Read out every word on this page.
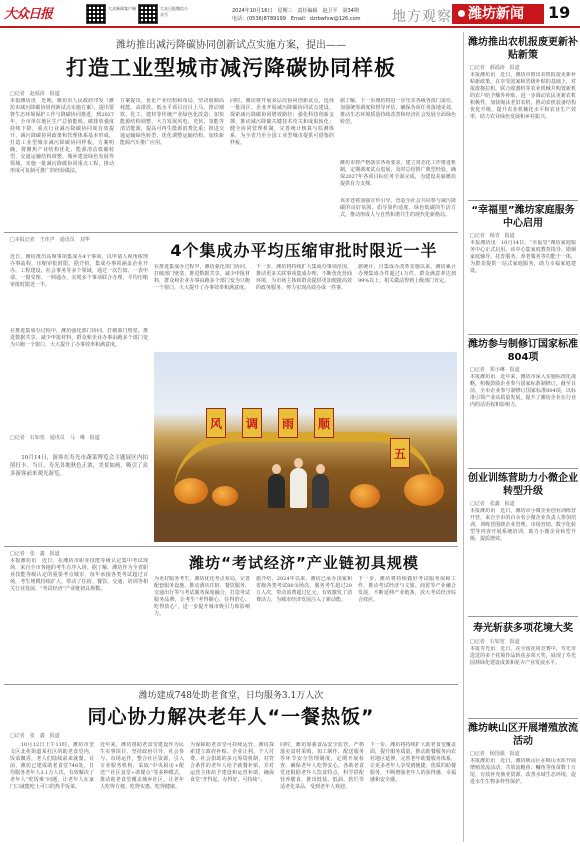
大众日报	大众新闻客户端	大众日报微信公众号
2024年10月16日　星期三　责任编辑　赵卫平　第34期
电话：(0536)8789199　Email：dzrbwfxw@126.com 地方观察	潍坊新闻	19
潍坊推出减污降碳协同创新试点实施方案，提出——
打造工业型城市减污降碳协同样板
□记者　赵福涛　报道
本报潍坊讯　近期，潍坊市人民政府印发《潍坊市减污降碳协同创新试点实施方案》，提出要将生态环境保护工作与降碳协同推进，到2027年，全市单位地区生产总值能耗、碳排放强度持续下降，重点行业减污降碳协同度有效提升，减污降碳协同政策和管理体系基本形成，打造工业型城市减污降碳协同样板。方案明确，将聚焦产业结构优化、能源清洁低碳转型、交通运输结构调整、城乡建设绿色发展等领域，实施一批减污降碳协同重点工程，推动形成可复制可推广的经验做法。
方案提出，优化产业结构和布局，坚决遏制高耗能、高排放、低水平项目盲目上马，推动钢铁、化工、建材等传统产业绿色化改造；加快能源结构调整，大力发展风电、光伏、氢能等清洁能源，提高可再生能源消费比重；推进交通运输绿色转型，优化调整运输结构，加快新能源汽车推广应用。
同时，潍坊将开展多层次协同创新试点，选择一批园区、企业开展减污降碳协同试点建设，探索减污降碳协同增效路径；强化科技创新支撑，推动减污降碳关键技术攻关和成果转化；健全协同管理机制，完善统计核算与监测体系，为全省乃至全国工业型城市提供可借鉴的样板。
据了解，下一步潍坊将进一步压实各级各部门责任，加强统筹调度和督导评估，确保各项任务落地见效，推动生态环境质量持续改善和经济社会发展全面绿色转型。
潍坊市将严格落实各项要求，建立常态化工作推进机制，定期调度试点进展，及时总结推广典型经验，确保2027年各项目标任务全面完成，为建设美丽潍坊提供有力支撑。
该市还将加强宣传引导，营造全社会共同参与减污降碳的良好氛围，倡导简约适度、绿色低碳的生活方式，推动形成人与自然和谐共生的现代化新格局。
□本报记者　王佳声　通讯员　刘华
近日，潍坊推出高频事项集成办4个事项，以申请人视角梳理办事流程，压缩审批时限。据介绍，集成办事项涵盖企业开办、工程建设、社会事务等多个领域，通过一次告知、一表申请、一窗受理、一网通办，实现多个事项联合办理，平均压缩审批时限近一半。
在推进集成办过程中，潍坊强化部门协同，打破部门壁垒，推进数据共享，减少申报材料，群众和企业办事由跑多个部门变为只跑一个窗口，大大提升了办事效率和满意度。
4个集成办平均压缩审批时限近一半
在推进集成办过程中，潍坊强化部门协同，打破部门壁垒，推进数据共享，减少申报材料，群众和企业办事由跑多个部门变为只跑一个窗口，大大提升了办事效率和满意度。
下一步，潍坊将持续扩大集成办事项范围，推动更多关联事项集成办理，不断优化营商环境，为市场主体和群众提供更加便捷高效的政务服务，努力实现高效办成一件事。
据统计，自集成办改革实施以来，潍坊累计办理集成办件超过1万件，群众满意率达到99%以上，相关做法得到上级部门肯定。
□记者　石如宽　通讯员　马　琳　报道
　　10月14日，游客在寿光市蔬菜博览会主题展区内拍照打卡。当日，寿光各地秋色正浓，美景如画，吸引了众多游客前来观光游览。
风	调	雨	顺
五
□记者　张　鑫　报道
本报潍坊讯　近日，在潍坊市职业技能等级认定集中考试现场，来自全市各地的考生有序入场。据了解，潍坊作为全省职业技能等级认定的重要考点城市，每年承接各类考试超过百场，考生规模持续扩大，带动了住宿、餐饮、交通、培训等相关行业发展，“考试经济”产业链初具规模。
潍坊“考试经济”产业链初具规模
为更好服务考生，潍坊优化考点布局，完善配套服务设施，推动酒店住宿、餐饮服务、交通出行等与考试服务深度融合，打造考试服务品牌，让考生“考得顺心、住得舒心、吃得放心”，进一步提升城市吸引力和影响力。
据介绍，2024年以来，潍坊已承办国家和省级各类考试80余场次，服务考生超过20万人次，带动消费超过亿元，有效激发了消费活力，为城市经济发展注入了新动能。
下一步，潍坊将持续做好考试服务保障工作，推动考试经济与文旅、商贸等产业融合发展，不断延伸产业链条，放大考试经济综合效应。
潍坊建成748处助老食堂，日均服务3.1万人次
同心协力解决老年人“一餐热饭”
□记者　张　鑫　报道
　　10月12日上午11时，潍坊市奎文区北苑街道某社区的助老食堂内，饭菜飘香，老人们陆续前来就餐。目前，潍坊已建成助老食堂748处，日均服务老年人3.1万人次，有效解决了老年人“吃饭难”问题，让老年人在家门口就能吃上可口的热乎饭菜。
近年来，潍坊将助老食堂建设作为民生实事项目，坚持政府引导、社会参与、市场运作，整合社区资源，引入专业服务机构，采取“中央厨房+配送”“社区食堂+助餐点”等多种模式，推动助老食堂覆盖城乡社区，让老年人吃得方便、吃得实惠、吃得健康。
为保障助老食堂可持续运营，潍坊探索建立政府补贴、企业让利、个人付费、社会捐助的多元筹资机制，对符合条件的老年人给予就餐补贴，并对运营主体给予建设和运营补助，确保食堂“开得起、办得好、可持续”。
同时，潍坊加强食品安全监管，严格落实食材采购、加工制作、配送服务等环节安全管理制度，定期开展检查，确保老年人吃得安心。各助老食堂还根据老年人饮食特点，科学搭配营养膳食，推出低盐、低油、软烂等适老化菜品，受到老年人欢迎。
下一步，潍坊将持续扩大助老食堂覆盖面，提升服务质量，推动助餐服务向农村地区延伸，完善老年助餐服务体系，让更多老年人享受到便捷、优质的助餐服务，不断增强老年人的获得感、幸福感和安全感。
潍坊推出农机报废更新补贴新策
□记者　郝福涛　报道
本报潍坊讯　近日，潍坊市推出农机报废更新补贴新政策，在享受国家和省级补贴的基础上，对报废拖拉机、联合收割机等农业机械并购置新机的农户给予额外补贴，进一步调动农民更新农机积极性，加快淘汰老旧农机，推动农机装备结构优化升级，提升农业机械化水平和农业生产效率，助力农业绿色发展和乡村振兴。
“幸福里”潍坊家庭服务中心启用
□记者　杨青　报道
本报潍坊讯　10月14日，“幸福里”潍坊家庭服务中心正式启用。该中心集家庭教育指导、婚姻家庭辅导、托育服务、养老服务等功能于一体，为群众提供一站式家庭服务，助力幸福家庭建设。
潍坊参与制修订国家标准804项
□记者　郑小琳　报道
本报潍坊讯　近年来，潍坊市深入实施标准化战略，积极鼓励企业参与国家标准制修订。截至目前，全市企业参与制修订国家标准804项，以标准引领产业高质量发展，提升了潍坊企业在行业内的话语权和影响力。
创业训练营助力小微企业转型升级
□记者　张鑫　报道
本报潍坊讯　近日，潍坊市小微企业创业训练营开营，来自全市的百余名小微企业负责人参加培训。训练营围绕企业管理、市场营销、数字化转型等内容开展系统培训，助力小微企业转型升级、提质增效。
寿光斩获多项花境大奖
□记者　石如宽　报道
本报寿光讯　近日，在全国花境竞赛中，寿光市选送的多个花境作品斩获多项大奖，展现了寿光园林绿化建设成果和花卉产业发展水平。
潍坊峡山区开展增殖放流活动
□记者　杨国强　报道
本报潍坊讯　近日，潍坊峡山区在峡山水库开展增殖放流活动，共放流鲢鱼、鳙鱼等鱼苗数十万尾，有效补充渔业资源，改善水域生态环境，促进水生生物多样性保护。
